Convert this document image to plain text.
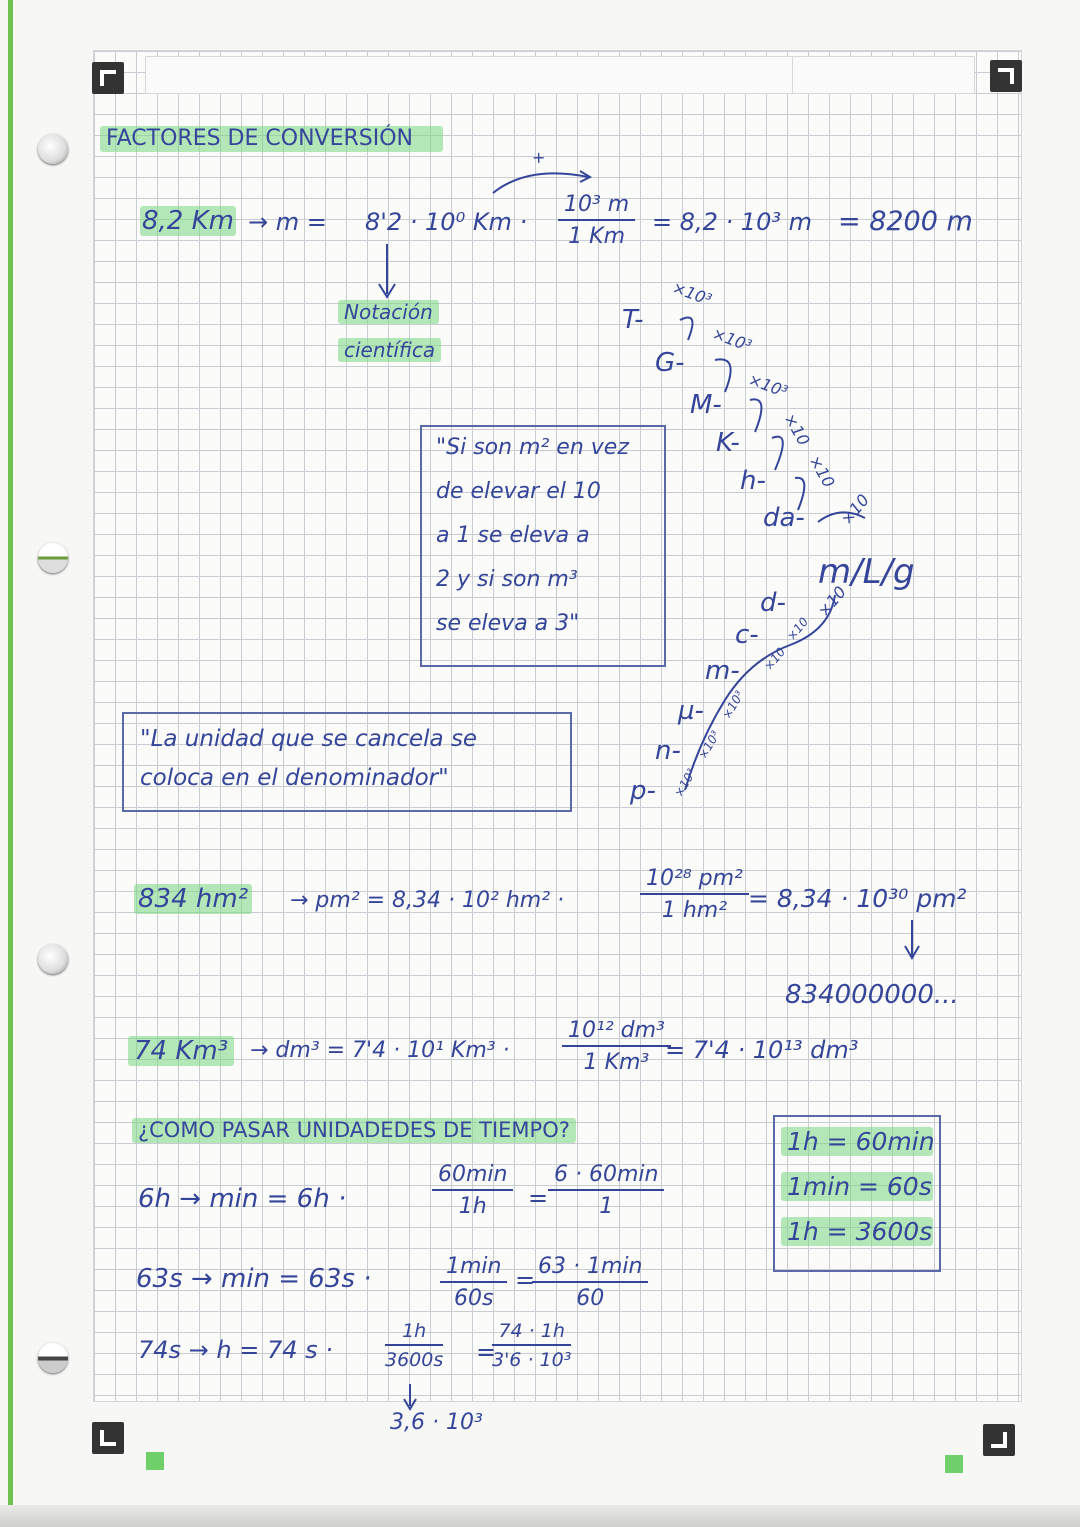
FACTORES DE CONVERSIÓN
8,2 Km → m = 8'2 · 10⁰ Km ·
+
$\frac{\text{10³ m}}{1 Km} = 8,2 \cdot 10^3$ m = 8200 m
Notación
científica
"Si son m² en vez
de elevar el 10
a 1 se eleva a
2 y si son m³
se eleva a 3"
"La unidad que se cancela se
coloca en el denominador"
T-
G-
M-
K-
h-
da-
m/L/g
d-
c-
m-
µ-
n-
p-
×10³
×10³
×10³
×10
×10
×10
×10
×10
×10
×10³
×10³
×10³
834 hm² → pm² = 8,34 · 10² hm² ·	$\frac{\text{10²⁸ pm²}}{\text{1 hm²}} = 8,34 \cdot 10^{30}$ pm²
834000000...
74 Km³ → dm³ = 7'4 · 10¹ $Km^3 \cdot \frac{\text{10¹² dm³}}{\text{1 Km³}}$
= 7'4 · 10¹³ dm³
¿COMO PASAR UNIDADEDES DE TIEMPO?	1h = 60min
1min = 60s
1h = 3600s
6h → min = 6h ·
60min
1h	=
6 · 60min
1
63s → min = 63s ·	1min
60s
= 63 · 1min
60
74s → h = 74 s ·	$\frac{1h}{3600s}$ =
$\frac{74 \cdot 1h}{\text{3'6 · 10³}}$
3,6 · 10³
